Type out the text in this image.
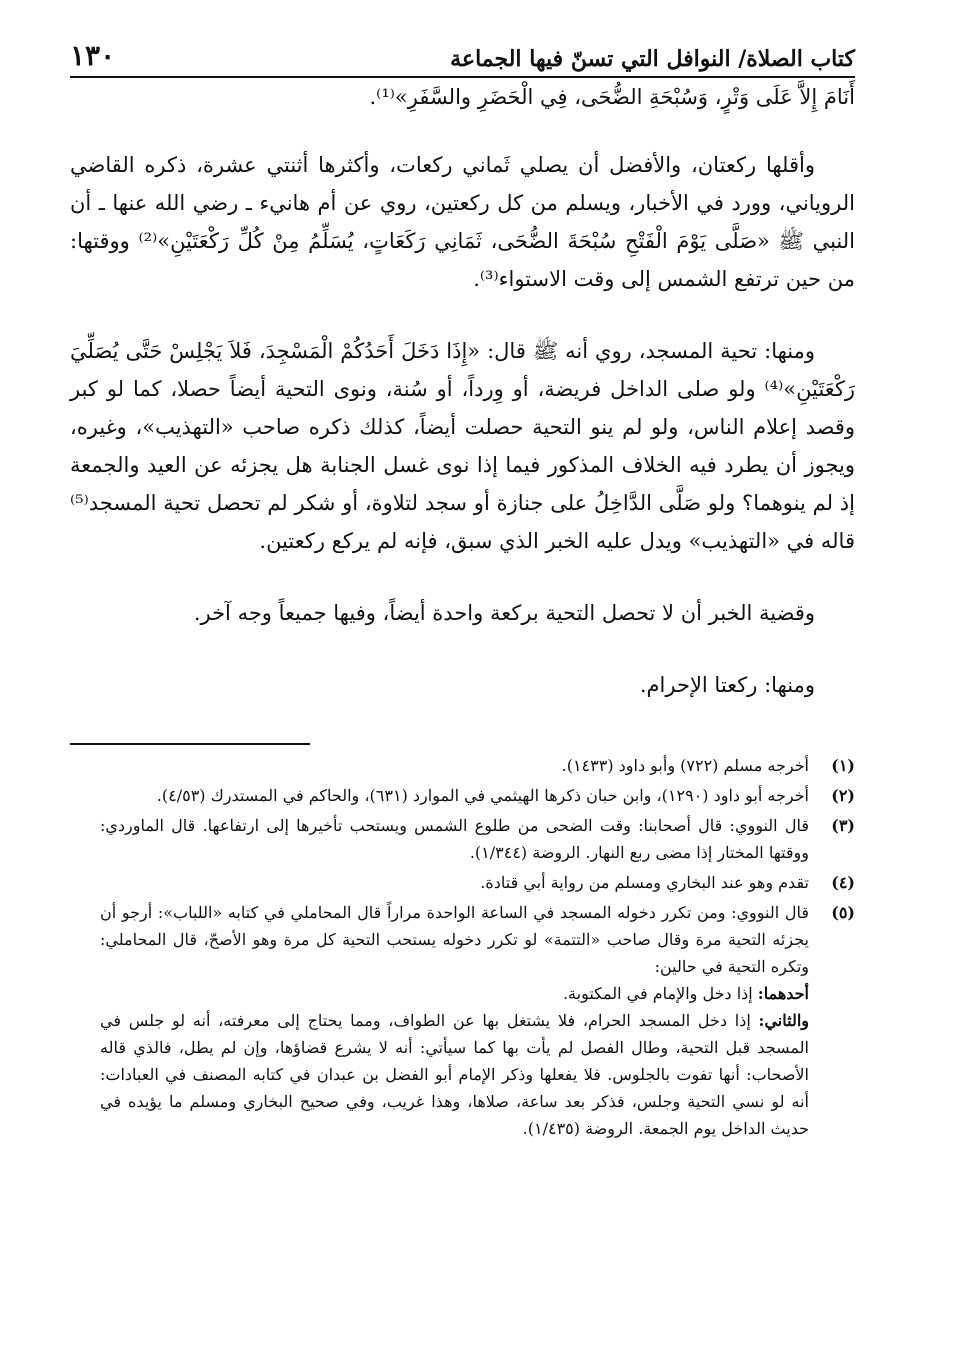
١٣٠	كتاب الصلاة/ النوافل التي تسنّ فيها الجماعة

أَنَامَ إِلاَّ عَلَى وَتْرٍ، وَسُبْحَةِ الضُّحَى، فِي الْحَضَرِ والسَّفَرِ»⁽¹⁾.

وأقلها ركعتان، والأفضل أن يصلي ثَماني ركعات، وأكثرها أثنتي عشرة، ذكره القاضي الروياني، وورد في الأخبار، ويسلم من كل ركعتين، روي عن أم هانيء ـ رضي الله عنها ـ أن النبي ﷺ «صَلَّى يَوْمَ الْفَتْحِ سُبْحَةَ الضُّحَى، ثَمَانِي رَكَعَاتٍ، يُسَلِّمُ مِنْ كُلِّ رَكْعَتَيْنِ»⁽²⁾ ووقتها: من حين ترتفع الشمس إلى وقت الاستواء⁽³⁾.

ومنها: تحية المسجد، روي أنه ﷺ قال: «إِذَا دَخَلَ أَحَدُكُمْ الْمَسْجِدَ، فَلاَ يَجْلِسْ حَتَّى يُصَلِّيَ رَكْعَتَيْنِ»⁽⁴⁾ ولو صلى الداخل فريضة، أو وِرداً، أو سُنة، ونوى التحية أيضاً حصلا، كما لو كبر وقصد إعلام الناس، ولو لم ينو التحية حصلت أيضاً، كذلك ذكره صاحب «التهذيب»، وغيره، ويجوز أن يطرد فيه الخلاف المذكور فيما إذا نوى غسل الجنابة هل يجزئه عن العيد والجمعة إذ لم ينوهما؟ ولو صَلَّى الدَّاخِلُ على جنازة أو سجد لتلاوة، أو شكر لم تحصل تحية المسجد⁽⁵⁾ قاله في «التهذيب» ويدل عليه الخبر الذي سبق، فإنه لم يركع ركعتين.

وقضية الخبر أن لا تحصل التحية بركعة واحدة أيضاً، وفيها جميعاً وجه آخر.

ومنها: ركعتا الإحرام.

(١)
أخرجه مسلم (٧٢٢) وأبو داود (١٤٣٣).
(٢)
أخرجه أبو داود (١٢٩٠)، وابن حبان ذكرها الهيثمي في الموارد (٦٣١)، والحاكم في المستدرك (٤/٥٣).
(٣)
قال النووي: قال أصحابنا: وقت الضحى من طلوع الشمس ويستحب تأخيرها إلى ارتفاعها. قال الماوردي: ووقتها المختار إذا مضى ربع النهار. الروضة (١/٣٤٤).
(٤)
تقدم وهو عند البخاري ومسلم من رواية أبي قتادة.
(٥)
قال النووي: ومن تكرر دخوله المسجد في الساعة الواحدة مراراً قال المحاملي في كتابه «اللباب»: أرجو أن يجزئه التحية مرة وقال صاحب «التتمة» لو تكرر دخوله يستحب التحية كل مرة وهو الأصحّ، قال المحاملي: وتكره التحية في حالين:
أحدهما: إذا دخل والإمام في المكتوبة.
والثاني: إذا دخل المسجد الحرام، فلا يشتغل بها عن الطواف، ومما يحتاج إلى معرفته، أنه لو جلس في المسجد قبل التحية، وطال الفصل لم يأت بها كما سيأتي: أنه لا يشرع قضاؤها، وإن لم يطل، فالذي قاله الأصحاب: أنها تفوت بالجلوس. فلا يفعلها وذكر الإمام أبو الفضل بن عبدان في كتابه المصنف في العبادات: أنه لو نسي التحية وجلس، فذكر بعد ساعة، صلاها، وهذا غريب، وفي صحيح البخاري ومسلم ما يؤيده في حديث الداخل يوم الجمعة. الروضة (١/٤٣٥).
